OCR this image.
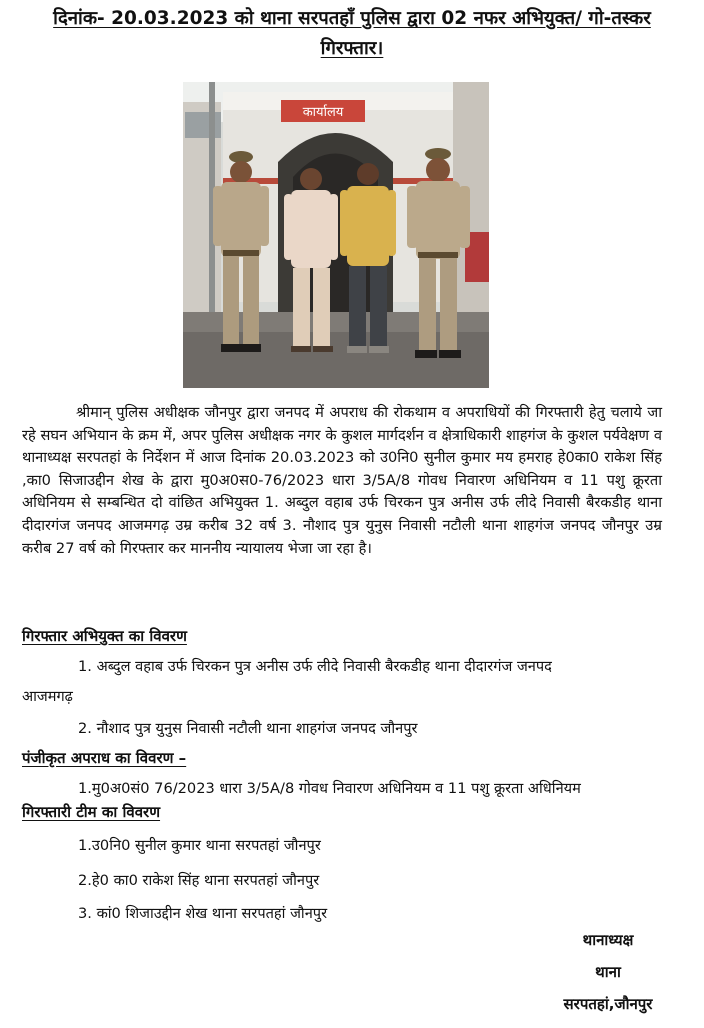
दिनांक- 20.03.2023 को थाना सरपतहाँ पुलिस द्वारा 02 नफर अभियुक्त/ गो-तस्कर
गिरफ्तार।
कार्यालय

श्रीमान् पुलिस अधीक्षक जौनपुर द्वारा जनपद में अपराध की रोकथाम व अपराधियों की गिरफ्तारी हेतु चलाये जा रहे सघन अभियान के क्रम में, अपर पुलिस अधीक्षक नगर के कुशल मार्गदर्शन व क्षेत्राधिकारी शाहगंज के कुशल पर्यवेक्षण व थानाध्यक्ष सरपतहां के निर्देशन में आज दिनांक 20.03.2023 को उ0नि0 सुनील कुमार मय हमराह हे0का0 राकेश सिंह ,का0 सिजाउद्दीन शेख के द्वारा मु0अ0स0-76/2023 धारा 3/5A/8 गोवध निवारण अधिनियम व 11 पशु क्रूरता अधिनियम से सम्बन्धित दो वांछित अभियुक्त 1. अब्दुल वहाब उर्फ चिरकन पुत्र अनीस उर्फ लीदे निवासी बैरकडीह थाना दीदारगंज जनपद आजमगढ़ उम्र करीब 32 वर्ष 3. नौशाद पुत्र युनुस निवासी नटौली थाना शाहगंज जनपद जौनपुर उम्र करीब 27 वर्ष को गिरफ्तार कर माननीय न्यायालय भेजा जा रहा है।

गिरफ्तार अभियुक्त का विवरण
1. अब्दुल वहाब उर्फ चिरकन पुत्र अनीस उर्फ लीदे निवासी बैरकडीह थाना दीदारगंज जनपद
आजमगढ़
2. नौशाद पुत्र युनुस निवासी नटौली थाना शाहगंज जनपद जौनपुर
पंजीकृत अपराध का विवरण –
1.मु0अ0सं0 76/2023 धारा 3/5A/8 गोवध निवारण अधिनियम व 11 पशु क्रूरता अधिनियम
गिरफ्तारी टीम का विवरण
1.उ0नि0 सुनील कुमार थाना सरपतहां जौनपुर
2.हे0 का0 राकेश सिंह थाना सरपतहां जौनपुर
3. कां0 शिजाउद्दीन शेख थाना सरपतहां जौनपुर
थानाध्यक्ष
थाना
सरपतहां,जौनपुर
